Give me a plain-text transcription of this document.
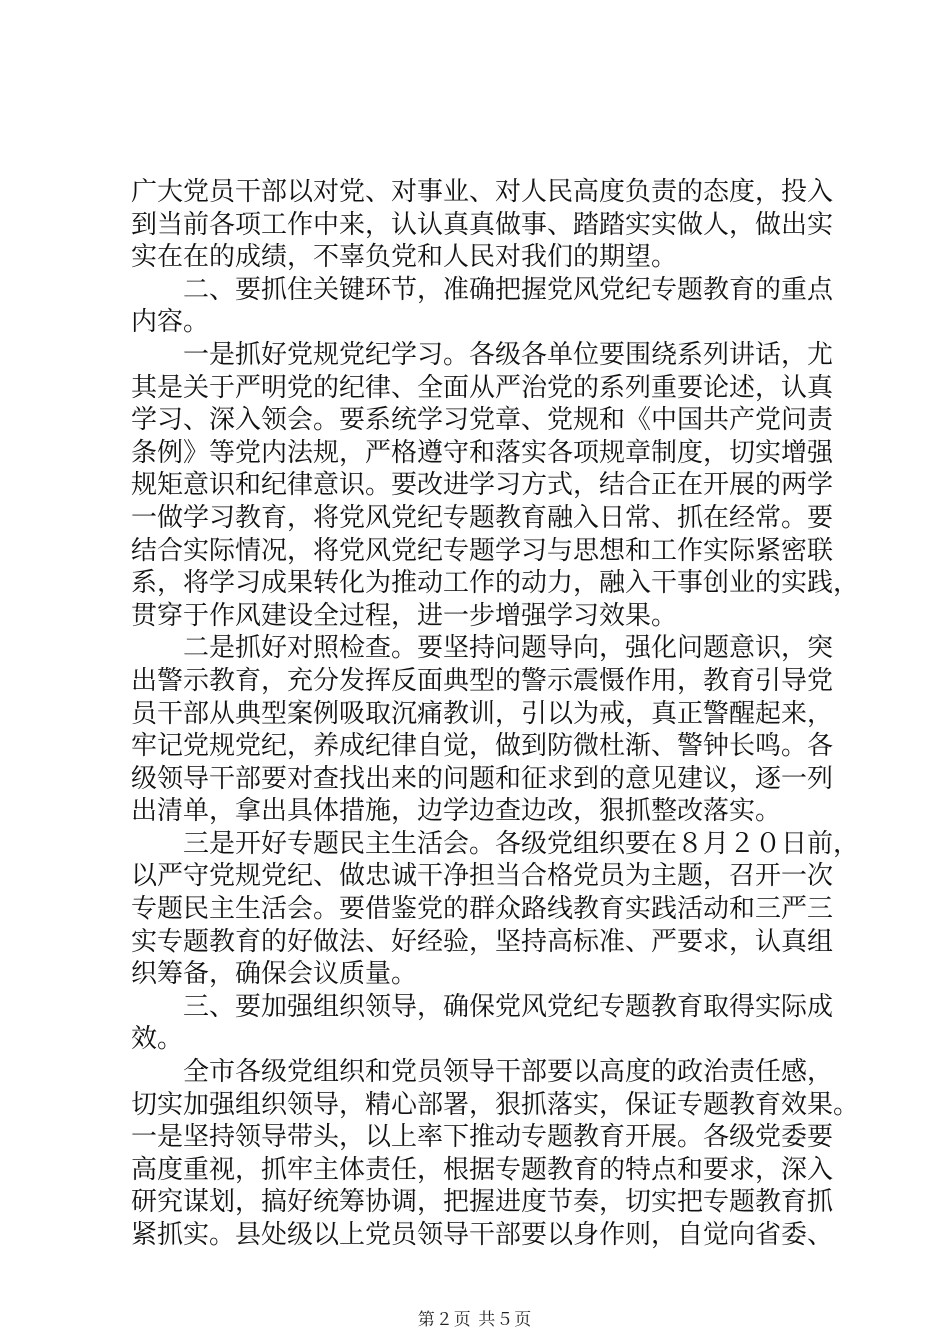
广大党员干部以对党、对事业、对人民高度负责的态度，投入
到当前各项工作中来，认认真真做事、踏踏实实做人，做出实
实在在的成绩，不辜负党和人民对我们的期望。
二、要抓住关键环节，准确把握党风党纪专题教育的重点
内容。
一是抓好党规党纪学习。各级各单位要围绕系列讲话，尤
其是关于严明党的纪律、全面从严治党的系列重要论述，认真
学习、深入领会。要系统学习党章、党规和《中国共产党问责
条例》等党内法规，严格遵守和落实各项规章制度，切实增强
规矩意识和纪律意识。要改进学习方式，结合正在开展的两学
一做学习教育，将党风党纪专题教育融入日常、抓在经常。要
结合实际情况，将党风党纪专题学习与思想和工作实际紧密联
系，将学习成果转化为推动工作的动力，融入干事创业的实践，
贯穿于作风建设全过程，进一步增强学习效果。
二是抓好对照检查。要坚持问题导向，强化问题意识，突
出警示教育，充分发挥反面典型的警示震慑作用，教育引导党
员干部从典型案例吸取沉痛教训，引以为戒，真正警醒起来，
牢记党规党纪，养成纪律自觉，做到防微杜渐、警钟长鸣。各
级领导干部要对查找出来的问题和征求到的意见建议，逐一列
出清单，拿出具体措施，边学边查边改，狠抓整改落实。
三是开好专题民主生活会。各级党组织要在８月２０日前，
以严守党规党纪、做忠诚干净担当合格党员为主题，召开一次
专题民主生活会。要借鉴党的群众路线教育实践活动和三严三
实专题教育的好做法、好经验，坚持高标准、严要求，认真组
织筹备，确保会议质量。
三、要加强组织领导，确保党风党纪专题教育取得实际成
效。
全市各级党组织和党员领导干部要以高度的政治责任感，
切实加强组织领导，精心部署，狠抓落实，保证专题教育效果。
一是坚持领导带头，以上率下推动专题教育开展。各级党委要
高度重视，抓牢主体责任，根据专题教育的特点和要求，深入
研究谋划，搞好统筹协调，把握进度节奏，切实把专题教育抓
紧抓实。县处级以上党员领导干部要以身作则，自觉向省委、
第２页 共５页
